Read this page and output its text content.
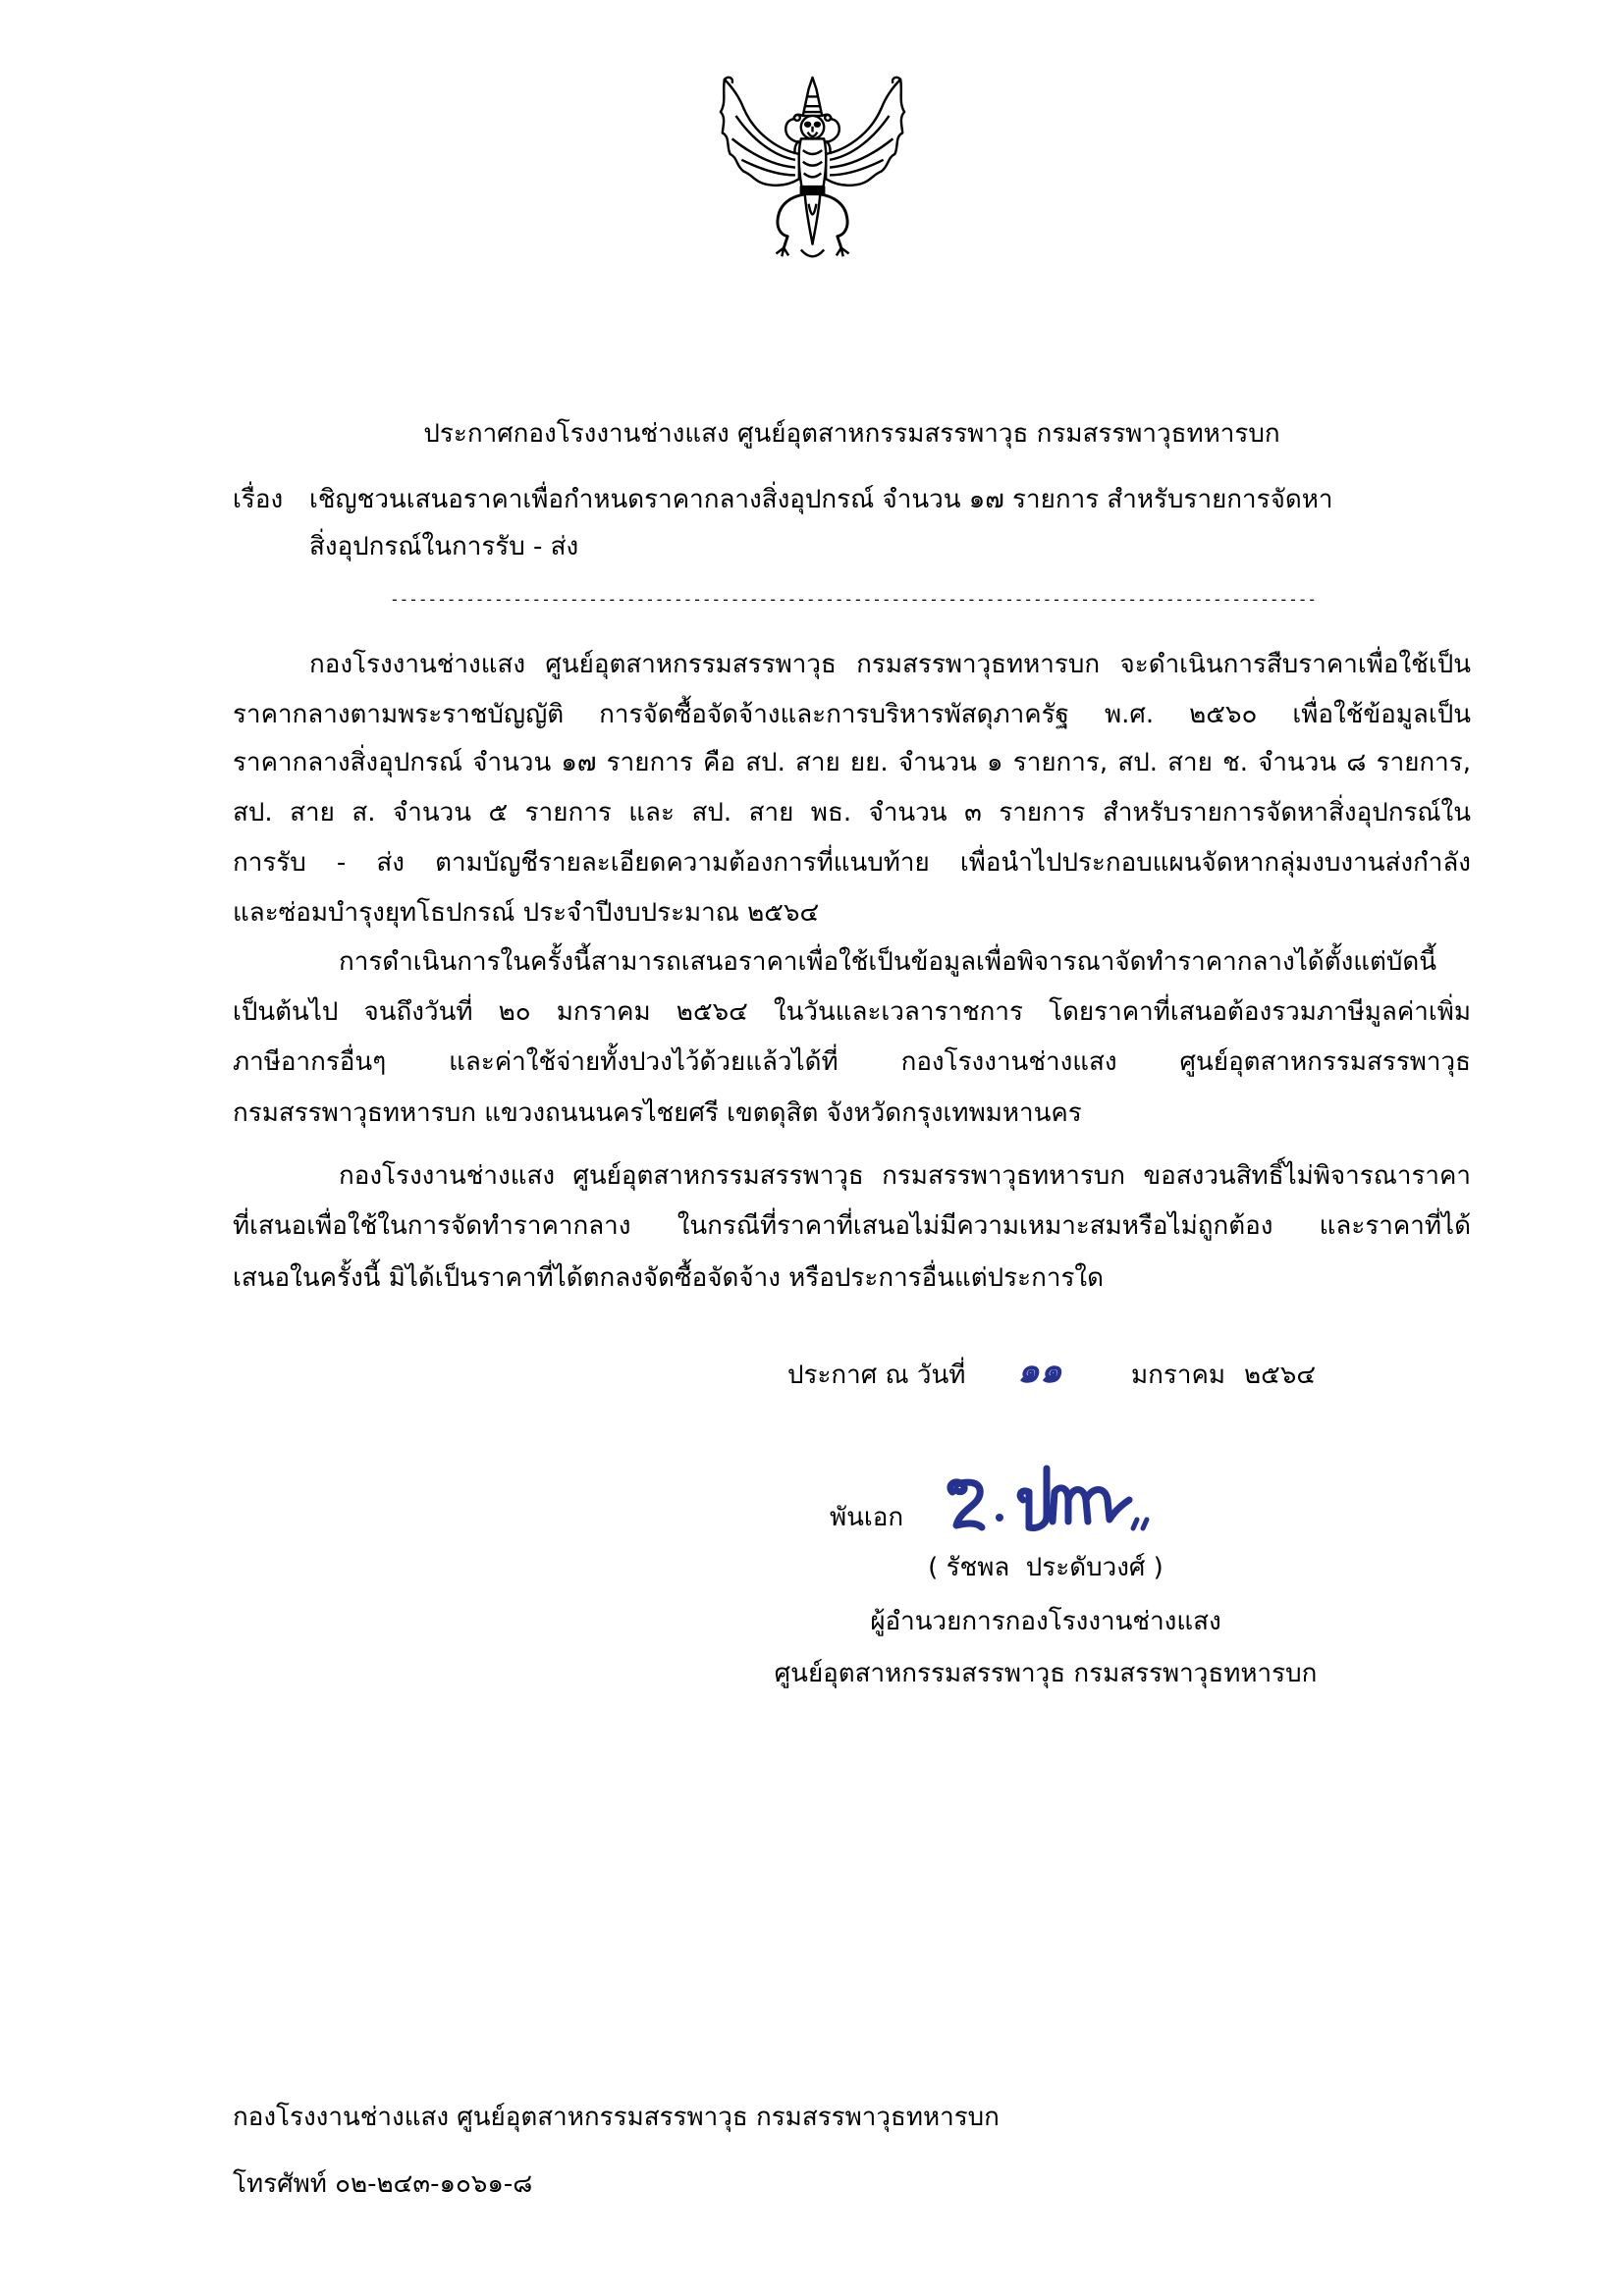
ประกาศกองโรงงานช่างแสง ศูนย์อุตสาหกรรมสรรพาวุธ กรมสรรพาวุธทหารบก
เรื่อง เชิญชวนเสนอราคาเพื่อกำหนดราคากลางสิ่งอุปกรณ์ จำนวน ๑๗ รายการ สำหรับรายการจัดหา
สิ่งอุปกรณ์ในการรับ - ส่ง
--------------------------------------------------------------------------------------------------
กองโรงงานช่างแสง ศูนย์อุตสาหกรรมสรรพาวุธ กรมสรรพาวุธทหารบก จะดำเนินการสืบราคาเพื่อใช้เป็น
ราคากลางตามพระราชบัญญัติ การจัดซื้อจัดจ้างและการบริหารพัสดุภาครัฐ พ.ศ. ๒๕๖๐ เพื่อใช้ข้อมูลเป็น
ราคากลางสิ่งอุปกรณ์ จำนวน ๑๗ รายการ คือ สป. สาย ยย. จำนวน ๑ รายการ, สป. สาย ช. จำนวน ๘ รายการ,
สป. สาย ส. จำนวน ๕ รายการ และ สป. สาย พธ. จำนวน ๓ รายการ สำหรับรายการจัดหาสิ่งอุปกรณ์ใน
การรับ - ส่ง ตามบัญชีรายละเอียดความต้องการที่แนบท้าย เพื่อนำไปประกอบแผนจัดหากลุ่มงบงานส่งกำลัง
และซ่อมบำรุงยุทโธปกรณ์ ประจำปีงบประมาณ ๒๕๖๔
การดำเนินการในครั้งนี้สามารถเสนอราคาเพื่อใช้เป็นข้อมูลเพื่อพิจารณาจัดทำราคากลางได้ตั้งแต่บัดนี้
เป็นต้นไป จนถึงวันที่ ๒๐ มกราคม ๒๕๖๔ ในวันและเวลาราชการ โดยราคาที่เสนอต้องรวมภาษีมูลค่าเพิ่ม
ภาษีอากรอื่นๆ และค่าใช้จ่ายทั้งปวงไว้ด้วยแล้วได้ที่ กองโรงงานช่างแสง ศูนย์อุตสาหกรรมสรรพาวุธ
กรมสรรพาวุธทหารบก แขวงถนนนครไชยศรี เขตดุสิต จังหวัดกรุงเทพมหานคร
กองโรงงานช่างแสง ศูนย์อุตสาหกรรมสรรพาวุธ กรมสรรพาวุธทหารบก ขอสงวนสิทธิ์ไม่พิจารณาราคา
ที่เสนอเพื่อใช้ในการจัดทำราคากลาง ในกรณีที่ราคาที่เสนอไม่มีความเหมาะสมหรือไม่ถูกต้อง และราคาที่ได้
เสนอในครั้งนี้ มิได้เป็นราคาที่ได้ตกลงจัดซื้อจัดจ้าง หรือประการอื่นแต่ประการใด
ประกาศ ณ วันที่ ๑๑	มกราคม ๒๕๖๔
พันเอก
( รัชพล  ประดับวงศ์ )
ผู้อำนวยการกองโรงงานช่างแสง
ศูนย์อุตสาหกรรมสรรพาวุธ กรมสรรพาวุธทหารบก
กองโรงงานช่างแสง ศูนย์อุตสาหกรรมสรรพาวุธ กรมสรรพาวุธทหารบก
โทรศัพท์ ๐๒-๒๔๓-๑๐๖๑-๘
